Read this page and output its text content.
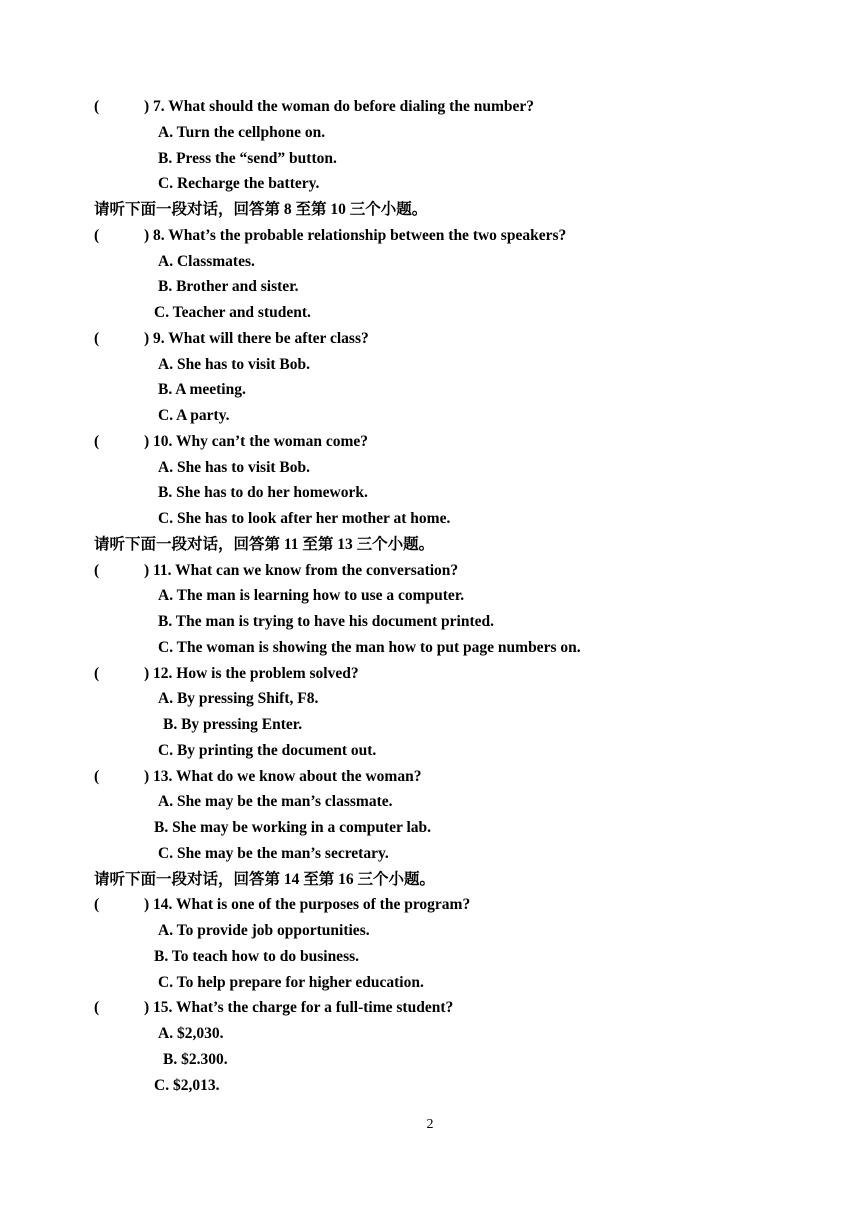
(	) 7. What should the woman do before dialing the number?
A. Turn the cellphone on.
B. Press the “send” button.
C. Recharge the battery.
请听下面一段对话，回答第 8 至第 10 三个小题。
(	) 8. What’s the probable relationship between the two speakers?
A. Classmates.
B. Brother and sister.
C. Teacher and student.
(	) 9. What will there be after class?
A. She has to visit Bob.
B. A meeting.
C. A party.
(	) 10. Why can’t the woman come?
A. She has to visit Bob.
B. She has to do her homework.
C. She has to look after her mother at home.
请听下面一段对话，回答第 11 至第 13 三个小题。
(	) 11. What can we know from the conversation?
A. The man is learning how to use a computer.
B. The man is trying to have his document printed.
C. The woman is showing the man how to put page numbers on.
(	) 12. How is the problem solved?
A. By pressing Shift, F8.
B. By pressing Enter.
C. By printing the document out.
(	) 13. What do we know about the woman?
A. She may be the man’s classmate.
B. She may be working in a computer lab.
C. She may be the man’s secretary.
请听下面一段对话，回答第 14 至第 16 三个小题。
(	) 14. What is one of the purposes of the program?
A. To provide job opportunities.
B. To teach how to do business.
C. To help prepare for higher education.
(	) 15. What’s the charge for a full-time student?
A. $2,030.
B. $2.300.
C. $2,013.
2
